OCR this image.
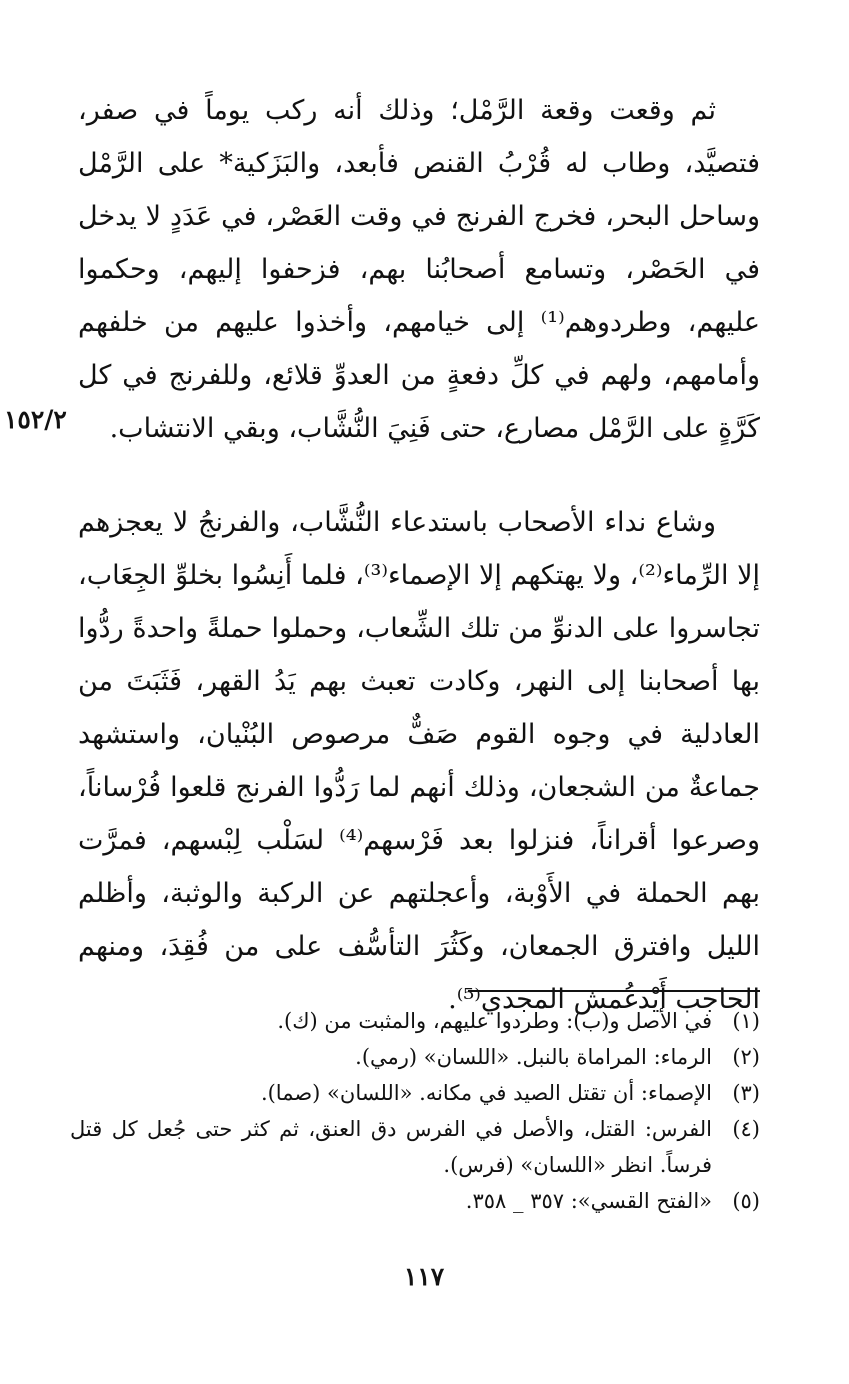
ثم وقعت وقعة الرَّمْل؛ وذلك أنه ركب يوماً في صفر، فتصيَّد، وطاب له قُرْبُ القنص فأبعد، والبَزَكية* على الرَّمْل وساحل البحر، فخرج الفرنج في وقت العَصْر، في عَدَدٍ لا يدخل في الحَصْر، وتسامع أصحابُنا بهم، فزحفوا إليهم، وحكموا عليهم، وطردوهم⁽¹⁾ إلى خيامهم، وأخذوا عليهم من خلفهم وأمامهم، ولهم في كلِّ دفعةٍ من العدوِّ قلائع، وللفرنج في كل كَرَّةٍ على الرَّمْل مصارع، حتى فَنِيَ النُّشَّاب، وبقي الانتشاب.

١٥٢/٢

وشاع نداء الأصحاب باستدعاء النُّشَّاب، والفرنجُ لا يعجزهم إلا الرِّماء⁽²⁾، ولا يهتكهم إلا الإصماء⁽³⁾، فلما أَنِسُوا بخلوِّ الجِعَاب، تجاسروا على الدنوِّ من تلك الشِّعاب، وحملوا حملةً واحدةً ردُّوا بها أصحابنا إلى النهر، وكادت تعبث بهم يَدُ القهر، فَثَبَتَ من العادلية في وجوه القوم صَفٌّ مرصوص البُنْيان، واستشهد جماعةٌ من الشجعان، وذلك أنهم لما رَدُّوا الفرنج قلعوا فُرْساناً، وصرعوا أقراناً، فنزلوا بعد فَرْسهم⁽⁴⁾ لسَلْب لِبْسهم، فمرَّت بهم الحملة في الأَوْبة، وأعجلتهم عن الركبة والوثبة، وأظلم الليل وافترق الجمعان، وكَثُرَ التأسُّف على من فُقِدَ، ومنهم الحاجب أَيْدغُمش المجدي⁽⁵⁾.

(١)
في الأصل و(ب): وطردوا عليهم، والمثبت من (ك).
(٢)
الرماء: المراماة بالنبل. «اللسان» (رمي).
(٣)
الإصماء: أن تقتل الصيد في مكانه. «اللسان» (صما).
(٤)
الفرس: القتل، والأصل في الفرس دق العنق، ثم كثر حتى جُعل كل قتل فرساً. انظر «اللسان» (فرس).
(٥)
«الفتح القسي»: ٣٥٧ _ ٣٥٨.
١١٧
